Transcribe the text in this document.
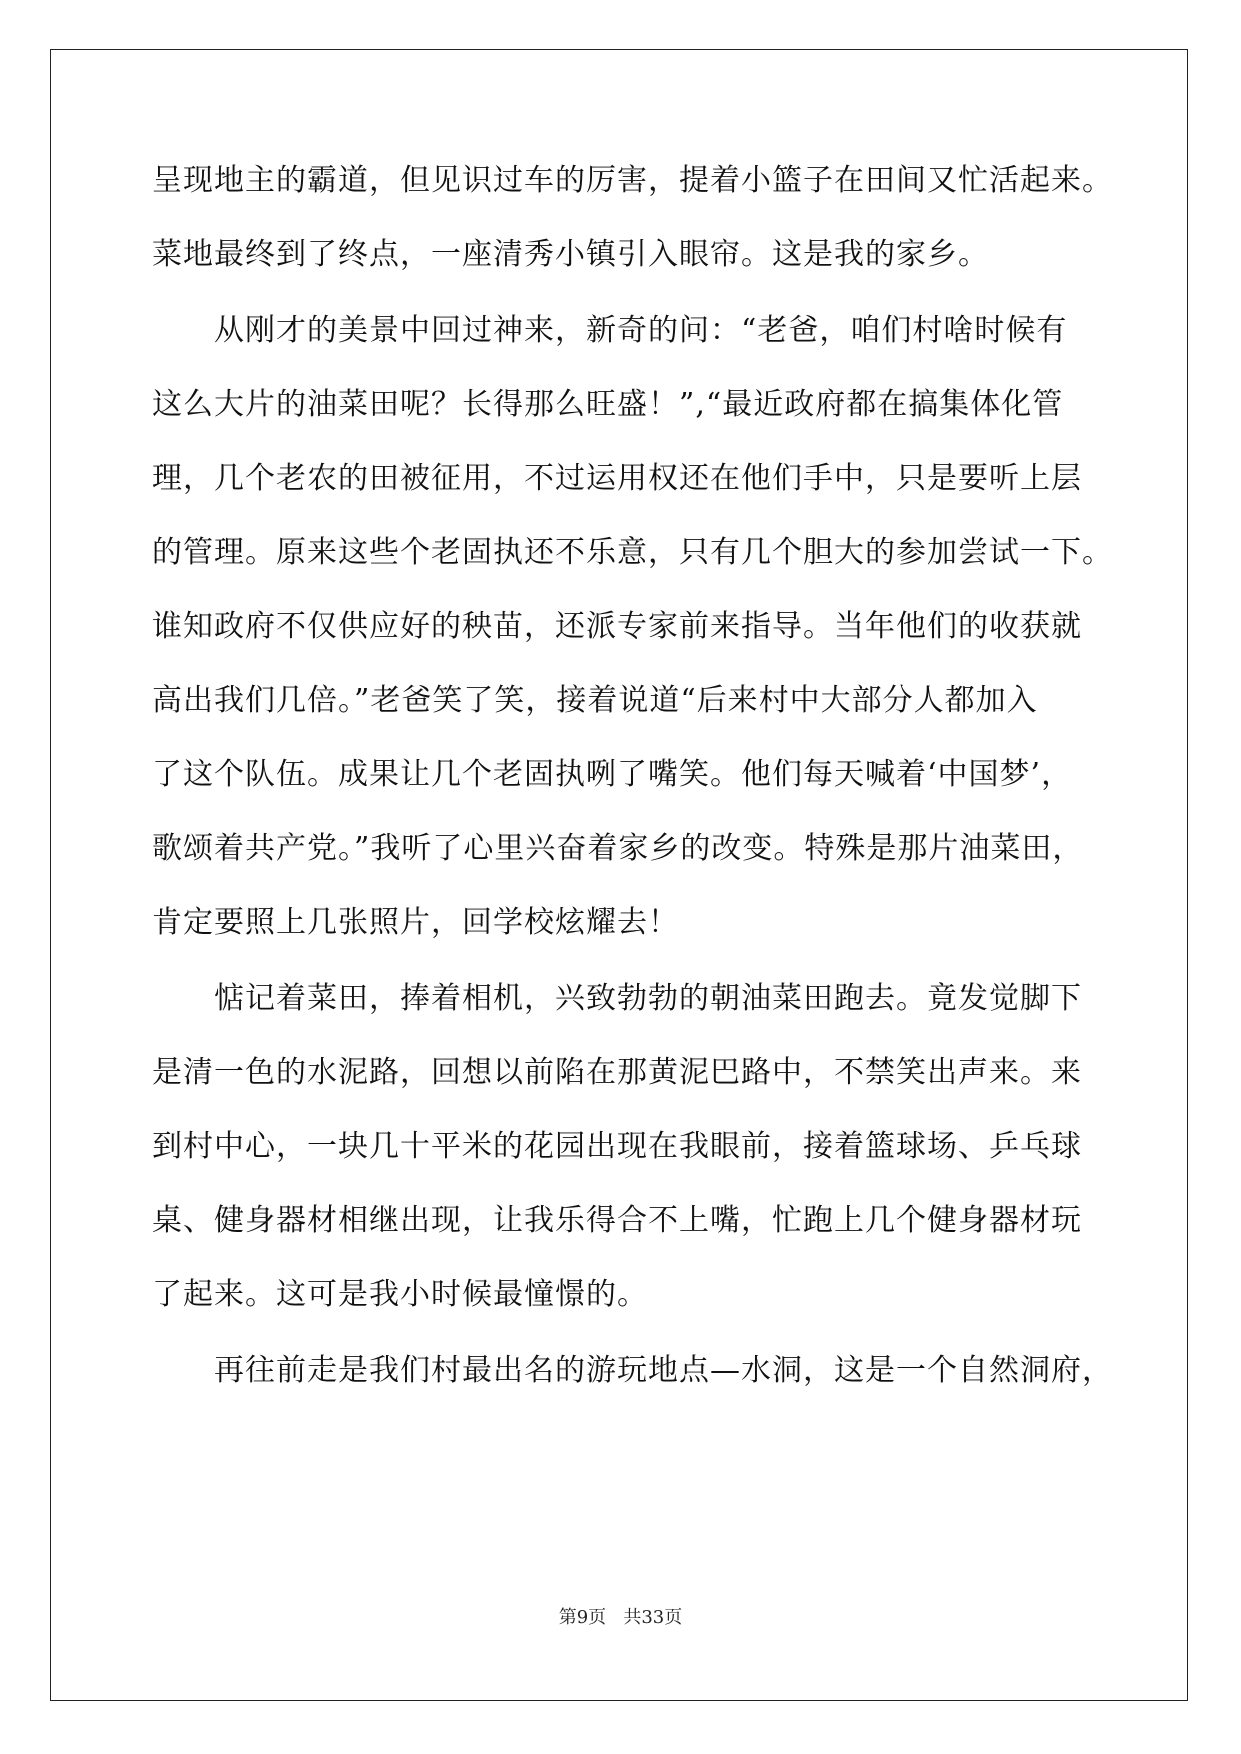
呈现地主的霸道，但见识过车的厉害，提着小篮子在田间又忙活起来。
菜地最终到了终点，一座清秀小镇引入眼帘。这是我的家乡。
从刚才的美景中回过神来，新奇的问：“老爸，咱们村啥时候有
这么大片的油菜田呢？长得那么旺盛！”,“最近政府都在搞集体化管
理，几个老农的田被征用，不过运用权还在他们手中，只是要听上层
的管理。原来这些个老固执还不乐意，只有几个胆大的参加尝试一下。
谁知政府不仅供应好的秧苗，还派专家前来指导。当年他们的收获就
高出我们几倍。”老爸笑了笑，接着说道“后来村中大部分人都加入
了这个队伍。成果让几个老固执咧了嘴笑。他们每天喊着‘中国梦’，
歌颂着共产党。”我听了心里兴奋着家乡的改变。特殊是那片油菜田，
肯定要照上几张照片，回学校炫耀去！
惦记着菜田，捧着相机，兴致勃勃的朝油菜田跑去。竟发觉脚下
是清一色的水泥路，回想以前陷在那黄泥巴路中，不禁笑出声来。来
到村中心，一块几十平米的花园出现在我眼前，接着篮球场、乒乓球
桌、健身器材相继出现，让我乐得合不上嘴，忙跑上几个健身器材玩
了起来。这可是我小时候最憧憬的。
再往前走是我们村最出名的游玩地点—水洞，这是一个自然洞府，
第9页 共33页
